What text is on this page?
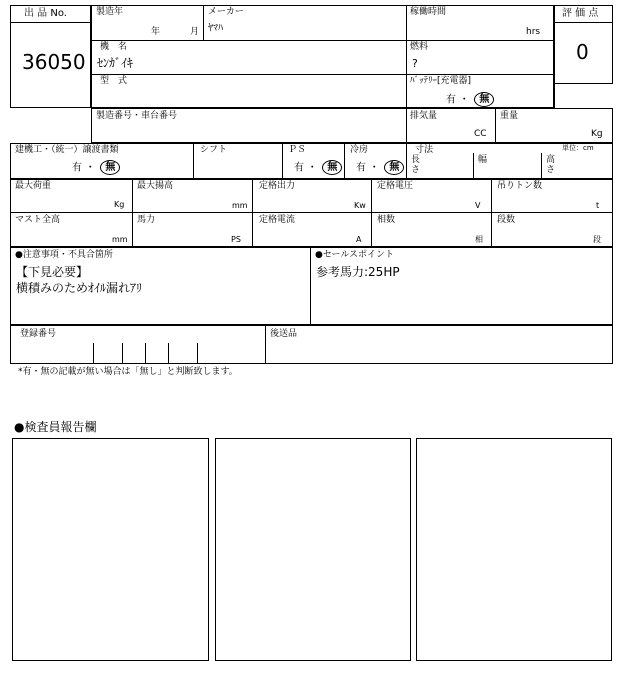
出 品 No.
36050
評 価 点
0
製造年
年	月
メーカー
ﾔﾏﾊ
稼働時間
hrs
機　名
ｾﾝｶﾞｲｷ
燃料
?
型　式	ﾊﾞｯﾃﾘｰ[充電器]
有 ・ 無
製造番号・車台番号	排気量
CC
重量
Kg
建機工・（統一）譲渡書類
有 ・ 無
シフト	ＰＳ
有 ・ 無
冷房
有 ・ 無
寸法	単位：cm
長
さ
幅	高
さ
最大荷重
Kg
最大揚高
mm
定格出力
Kw
定格電圧
V
吊りトン数
t
マスト全高
mm
馬力
PS
定格電流
A
相数
相
段数
段
●注意事項・不具合箇所
【下見必要】
横積みのためｵｲﾙ漏れｱﾘ
●セールスポイント
参考馬力:25HP
登録番号	後送品
*有・無の記載が無い場合は「無し」と判断致します。
●検査員報告欄
